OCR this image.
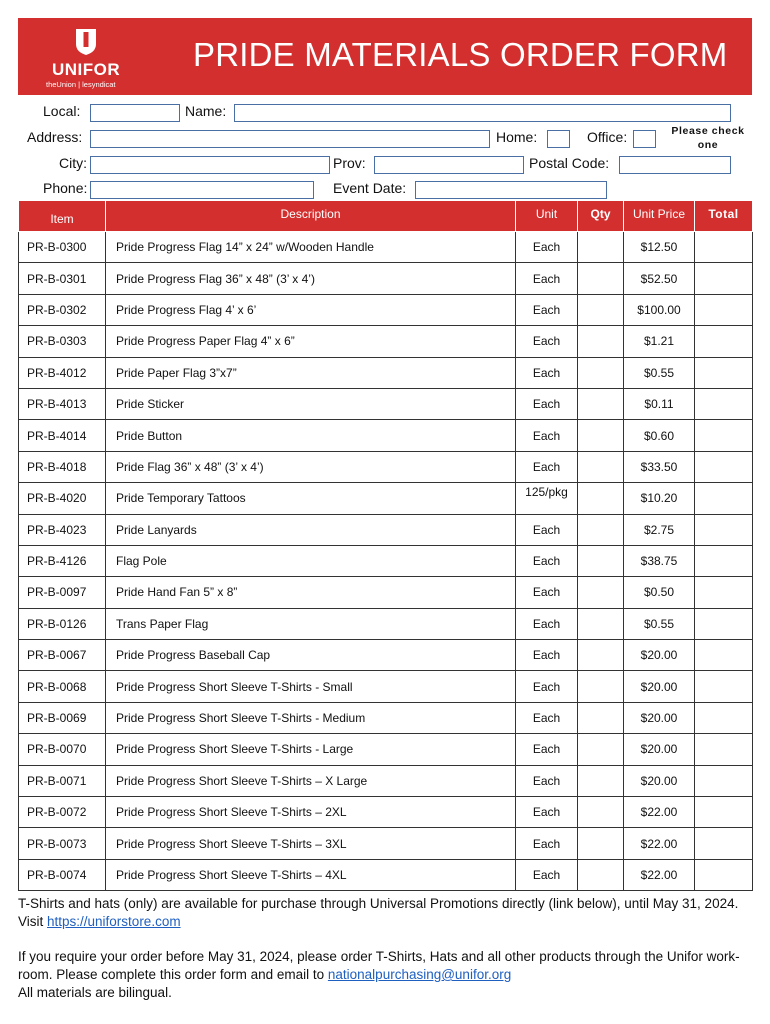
UNIFOR
theUnion | lesyndicat
PRIDE MATERIALS ORDER FORM
Local:	Name:
Address:	Home:	Office:	Please check one
City:	Prov:	Postal Code:
Phone:	Event Date:
Item	Description	Unit	Qty	Unit Price	Total
PR-B-0300	Pride Progress Flag 14” x 24” w/Wooden Handle	Each		$12.50	
PR-B-0301	Pride Progress Flag 36” x 48” (3’ x 4’)	Each		$52.50	
PR-B-0302	Pride Progress Flag 4’ x 6’	Each		$100.00	
PR-B-0303	Pride Progress Paper Flag 4” x 6”	Each		$1.21	
PR-B-4012	Pride Paper Flag 3”x7”	Each		$0.55	
PR-B-4013	Pride Sticker	Each		$0.11	
PR-B-4014	Pride Button	Each		$0.60	
PR-B-4018	Pride Flag 36” x 48” (3’ x 4’)	Each		$33.50	
PR-B-4020	Pride Temporary Tattoos	125/pkg		$10.20	
PR-B-4023	Pride Lanyards	Each		$2.75	
PR-B-4126	Flag Pole	Each		$38.75	
PR-B-0097	Pride Hand Fan 5” x 8”	Each		$0.50	
PR-B-0126	Trans Paper Flag	Each		$0.55	
PR-B-0067	Pride Progress Baseball Cap	Each		$20.00	
PR-B-0068	Pride Progress Short Sleeve T-Shirts - Small	Each		$20.00	
PR-B-0069	Pride Progress Short Sleeve T-Shirts - Medium	Each		$20.00	
PR-B-0070	Pride Progress Short Sleeve T-Shirts - Large	Each		$20.00	
PR-B-0071	Pride Progress Short Sleeve T-Shirts – X Large	Each		$20.00	
PR-B-0072	Pride Progress Short Sleeve T-Shirts – 2XL	Each		$22.00	
PR-B-0073	Pride Progress Short Sleeve T-Shirts – 3XL	Each		$22.00	
PR-B-0074	Pride Progress Short Sleeve T-Shirts – 4XL	Each		$22.00	

T-Shirts and hats (only) are available for purchase through Universal Promotions directly (link below), until May 31, 2024. Visit https://uniforstore.com

If you require your order before May 31, 2024, please order T-Shirts, Hats and all other products through the Unifor work-room. Please complete this order form and email to nationalpurchasing@unifor.org

All materials are bilingual.
